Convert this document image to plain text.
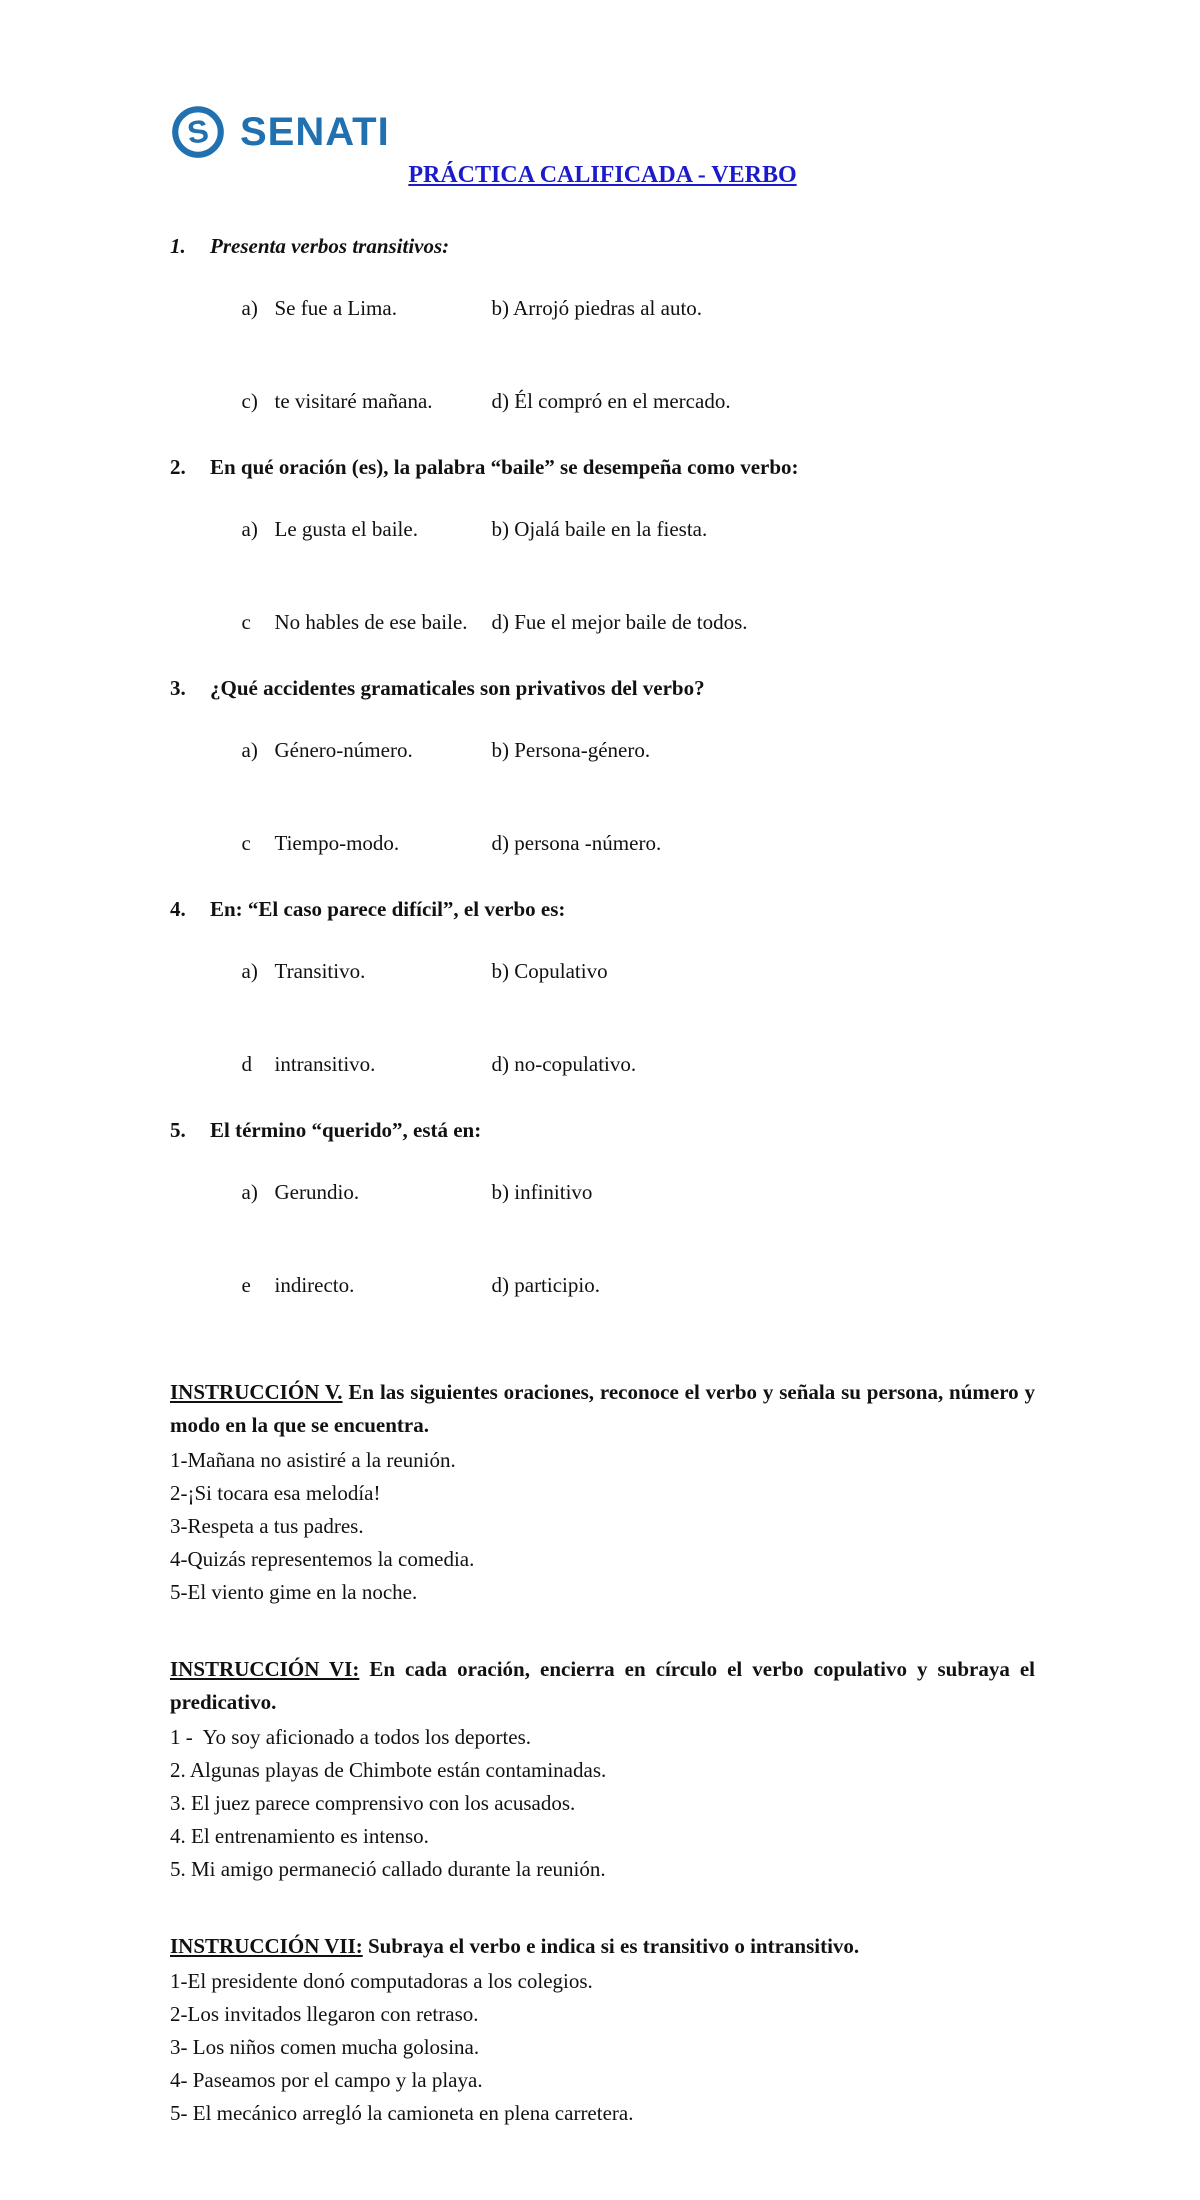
S SENATI
PRÁCTICA CALIFICADA - VERBO
1. Presenta verbos transitivos:

a) Se fue a Lima.	b) Arrojó piedras al auto.

c) te visitaré mañana.	d) Él compró en el mercado.

2. En qué oración (es), la palabra “baile” se desempeña como verbo:

a) Le gusta el baile.	b) Ojalá baile en la fiesta.

c No hables de ese baile. d) Fue el mejor baile de todos.

3. ¿Qué accidentes gramaticales son privativos del verbo?

a) Género-número.	b) Persona-género.

c Tiempo-modo.	d) persona -número.

4. En: “El caso parece difícil”, el verbo es:

a) Transitivo.	b) Copulativo

d intransitivo.	d) no-copulativo.

5. El término “querido”, está en:

a) Gerundio.	b) infinitivo

e indirecto.	d) participio.

INSTRUCCIÓN V. En las siguientes oraciones, reconoce el verbo y señala su persona, número y modo en la que se encuentra.

1-Mañana no asistiré a la reunión.

2-¡Si tocara esa melodía!

3-Respeta a tus padres.

4-Quizás representemos la comedia.

5-El viento gime en la noche.

INSTRUCCIÓN VI: En cada oración, encierra en círculo el verbo copulativo y subraya el predicativo.

1 -  Yo soy aficionado a todos los deportes.

2. Algunas playas de Chimbote están contaminadas.

3. El juez parece comprensivo con los acusados.

4. El entrenamiento es intenso.

5. Mi amigo permaneció callado durante la reunión.

INSTRUCCIÓN VII: Subraya el verbo e indica si es transitivo o intransitivo.

1-El presidente donó computadoras a los colegios.

2-Los invitados llegaron con retraso.

3- Los niños comen mucha golosina.

4- Paseamos por el campo y la playa.

5- El mecánico arregló la camioneta en plena carretera.
